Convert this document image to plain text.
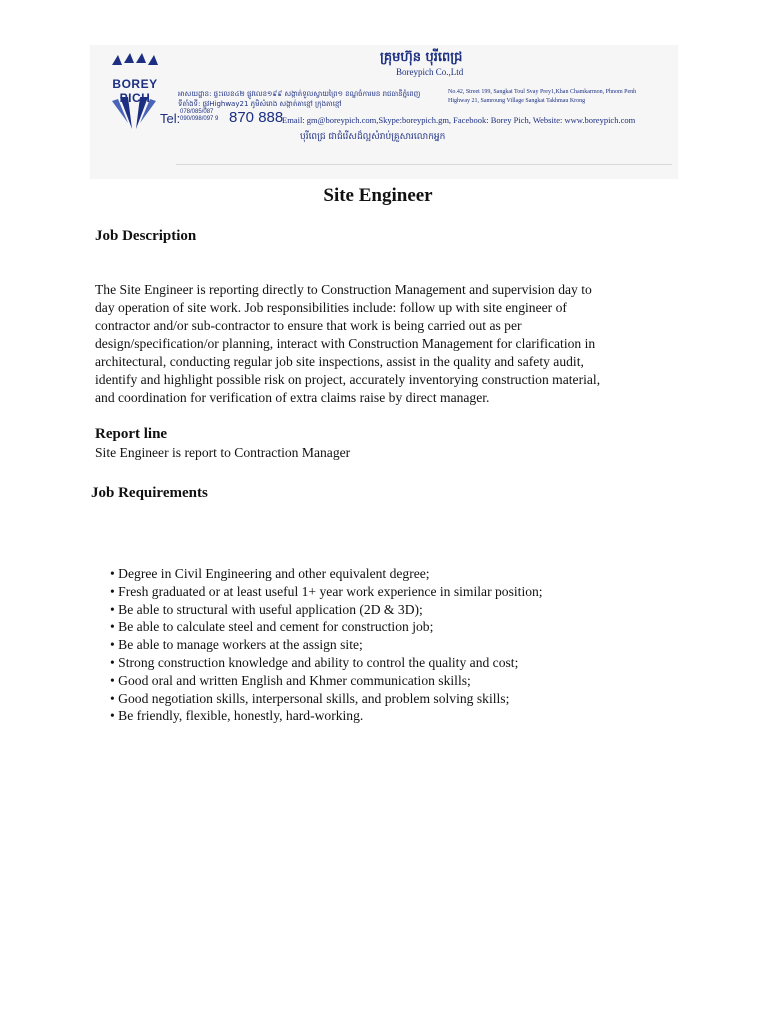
BOREY PICH
គ្រុមហ៊ុន បុរីពេជ្រ
Boreypich Co.,Ltd
អាសយដ្ឋាន: ផ្ទះលេខ៤២ ផ្លូវលេខ១៩៩ សង្កាត់ទួលស្វាយព្រៃ១ ខណ្ឌចំការមន រាជធានីភ្នំពេញ
ទីតាំងទី: ផ្លូវHighway21 ភូមិសំរោង សង្កាត់តាខ្មៅ ក្រុងតាខ្មៅ
No.42, Street 199, Sangkat Toul Svay Prey1,Khan Chamkarmon, Phnom Penh
Highway 21, Samroung Village Sangkat Takhmau Krong
Tel: 078/085/087
090/098/097 9 870 888
Email: gm@boreypich.com,Skype:boreypich.gm, Facebook: Borey Pich, Website: www.boreypich.com
បុរីពេជ្រ ជាជំរើសដ៏ល្អសំរាប់គ្រួសារលោកអ្នក
Site Engineer
Job Description
The Site Engineer is reporting directly to Construction Management and supervision day to
day operation of site work. Job responsibilities include: follow up with site engineer of
contractor and/or sub-contractor to ensure that work is being carried out as per
design/specification/or planning, interact with Construction Management for clarification in
architectural, conducting regular job site inspections, assist in the quality and safety audit,
identify and highlight possible risk on project, accurately inventorying construction material,
and coordination for verification of extra claims raise by direct manager.
Report line
Site Engineer is report to Contraction Manager
Job Requirements
• Degree in Civil Engineering and other equivalent degree;
• Fresh graduated or at least useful 1+ year work experience in similar position;
• Be able to structural with useful application (2D & 3D);
• Be able to calculate steel and cement for construction job;
• Be able to manage workers at the assign site;
• Strong construction knowledge and ability to control the quality and cost;
• Good oral and written English and Khmer communication skills;
• Good negotiation skills, interpersonal skills, and problem solving skills;
• Be friendly, flexible, honestly, hard-working.
